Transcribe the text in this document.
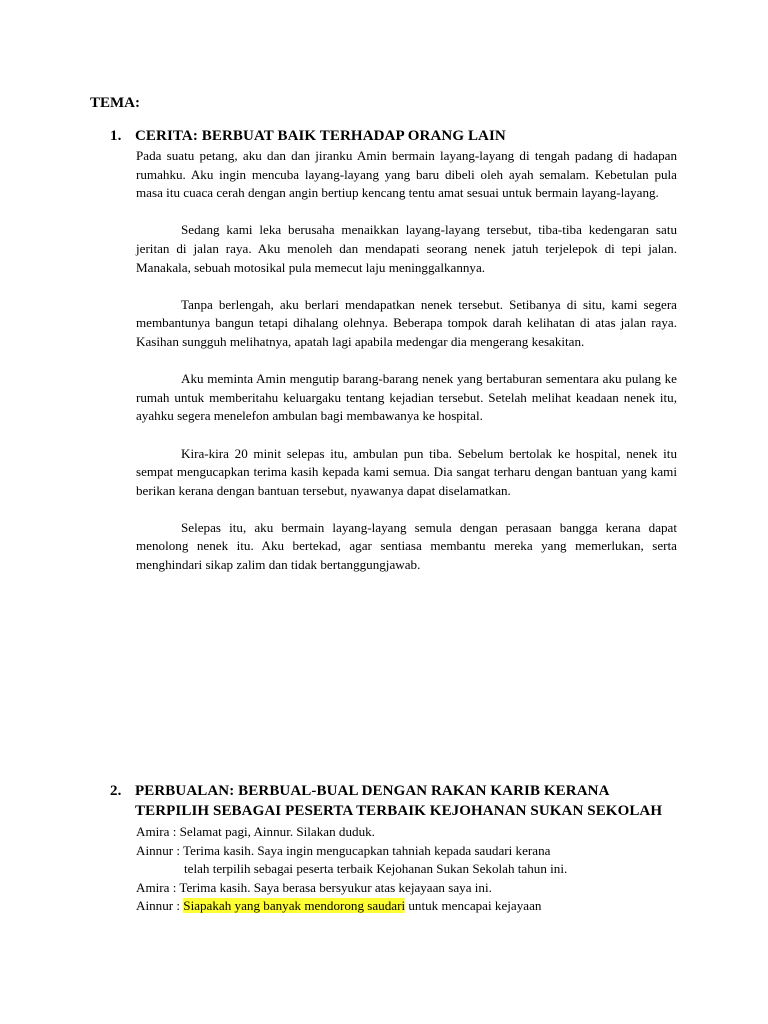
TEMA:
1. CERITA: BERBUAT BAIK TERHADAP ORANG LAIN

Pada suatu petang, aku dan dan jiranku Amin bermain layang-layang di tengah padang di hadapan rumahku. Aku ingin mencuba layang-layang yang baru dibeli oleh ayah semalam. Kebetulan pula masa itu cuaca cerah dengan angin bertiup kencang tentu amat sesuai untuk bermain layang-layang.

Sedang kami leka berusaha menaikkan layang-layang tersebut, tiba-tiba kedengaran satu jeritan di jalan raya. Aku menoleh dan mendapati seorang nenek jatuh terjelepok di tepi jalan. Manakala, sebuah motosikal pula memecut laju meninggalkannya.

Tanpa berlengah, aku berlari mendapatkan nenek tersebut. Setibanya di situ, kami segera membantunya bangun tetapi dihalang olehnya. Beberapa tompok darah kelihatan di atas jalan raya. Kasihan sungguh melihatnya, apatah lagi apabila medengar dia mengerang kesakitan.

Aku meminta Amin mengutip barang-barang nenek yang bertaburan sementara aku pulang ke rumah untuk memberitahu keluargaku tentang kejadian tersebut. Setelah melihat keadaan nenek itu, ayahku segera menelefon ambulan bagi membawanya ke hospital.

Kira-kira 20 minit selepas itu, ambulan pun tiba. Sebelum bertolak ke hospital, nenek itu sempat mengucapkan terima kasih kepada kami semua. Dia sangat terharu dengan bantuan yang kami berikan kerana dengan bantuan tersebut, nyawanya dapat diselamatkan.

Selepas itu, aku bermain layang-layang semula dengan perasaan bangga kerana dapat menolong nenek itu. Aku bertekad, agar sentiasa membantu mereka yang memerlukan, serta menghindari sikap zalim dan tidak bertanggungjawab.

2. PERBUALAN: BERBUAL-BUAL DENGAN RAKAN KARIB KERANA
TERPILIH SEBAGAI PESERTA TERBAIK KEJOHANAN SUKAN SEKOLAH
Amira : Selamat pagi, Ainnur. Silakan duduk.
Ainnur : Terima kasih. Saya ingin mengucapkan tahniah kepada saudari kerana
telah terpilih sebagai peserta terbaik Kejohanan Sukan Sekolah tahun ini.
Amira : Terima kasih. Saya berasa bersyukur atas kejayaan saya ini.
Ainnur : Siapakah yang banyak mendorong saudari untuk mencapai kejayaan
